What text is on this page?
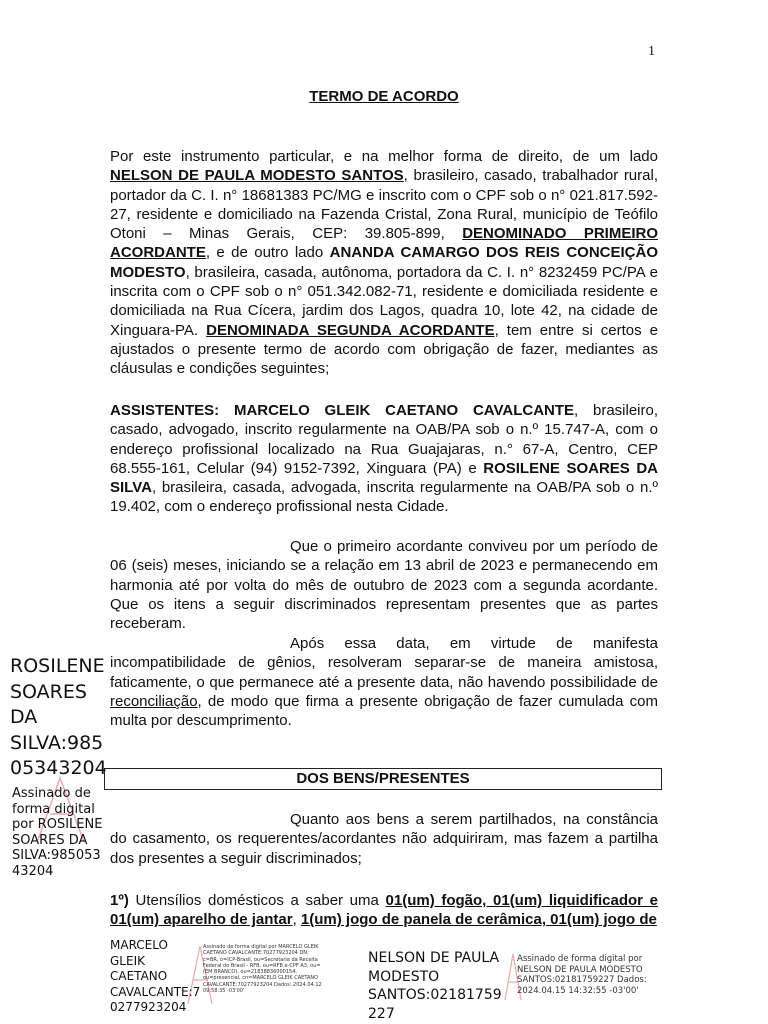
1
TERMO DE ACORDO

Por este instrumento particular, e na melhor forma de direito, de um lado NELSON DE PAULA MODESTO SANTOS, brasileiro, casado, trabalhador rural, portador da C. I. n° 18681383 PC/MG e inscrito com o CPF sob o n° 021.817.592-27, residente e domiciliado na Fazenda Cristal, Zona Rural, município de Teófilo Otoni – Minas Gerais, CEP: 39.805-899, DENOMINADO PRIMEIRO ACORDANTE, e de outro lado ANANDA CAMARGO DOS REIS CONCEIÇÃO MODESTO, brasileira, casada, autônoma, portadora da C. I. n° 8232459 PC/PA e inscrita com o CPF sob o n° 051.342.082-71, residente e domiciliada residente e domiciliada na Rua Cícera, jardim dos Lagos, quadra 10, lote 42, na cidade de Xinguara-PA. DENOMINADA SEGUNDA ACORDANTE, tem entre si certos e ajustados o presente termo de acordo com obrigação de fazer, mediantes as cláusulas e condições seguintes;

ASSISTENTES: MARCELO GLEIK CAETANO CAVALCANTE, brasileiro, casado, advogado, inscrito regularmente na OAB/PA sob o n.º 15.747-A, com o endereço profissional localizado na Rua Guajajaras, n.° 67-A, Centro, CEP 68.555-161, Celular (94) 9152-7392, Xinguara (PA) e ROSILENE SOARES DA SILVA, brasileira, casada, advogada, inscrita regularmente na OAB/PA sob o n.º 19.402, com o endereço profissional nesta Cidade.

Que o primeiro acordante conviveu por um período de 06 (seis) meses, iniciando se a relação em 13 abril de 2023 e permanecendo em harmonia até por volta do mês de outubro de 2023 com a segunda acordante. Que os itens a seguir discriminados representam presentes que as partes receberam.

Após essa data, em virtude de manifesta incompatibilidade de gênios, resolveram separar-se de maneira amistosa, faticamente, o que permanece até a presente data, não havendo possibilidade de reconciliação, de modo que firma a presente obrigação de fazer cumulada com multa por descumprimento.

DOS BENS/PRESENTES

Quanto aos bens a serem partilhados, na constância do casamento, os requerentes/acordantes não adquiriram, mas fazem a partilha dos presentes a seguir discriminados;

1º) Utensílios domésticos a saber uma 01(um) fogão, 01(um) liquidificador e 01(um) aparelho de jantar, 1(um) jogo de panela de cerâmica, 01(um) jogo de

ROSILENE SOARES DA SILVA:98505343204
Assinado de forma digital por ROSILENE SOARES DA SILVA:98505343204
MARCELO GLEIK CAETANO CAVALCANTE:70277923204
Assinado de forma digital por MARCELO GLEIK CAETANO CAVALCANTE:70277923204 DN: c=BR, o=ICP-Brasil, ou=Secretaria da Receita Federal do Brasil - RFB, ou=RFB e-CPF A3, ou=(EM BRANCO), ou=21838836000154, ou=presencial, cn=MARCELO GLEIK CAETANO CAVALCANTE:70277923204 Dados: 2024.04.12 09:58:35 -03'00'
NELSON DE PAULA MODESTO SANTOS:02181759227
Assinado de forma digital por NELSON DE PAULA MODESTO SANTOS:02181759227 Dados: 2024.04.15 14:32:55 -03'00'
